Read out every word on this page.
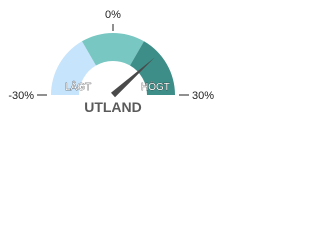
-30%
0%
30%
LÅGT	HÖGT
UTLAND
